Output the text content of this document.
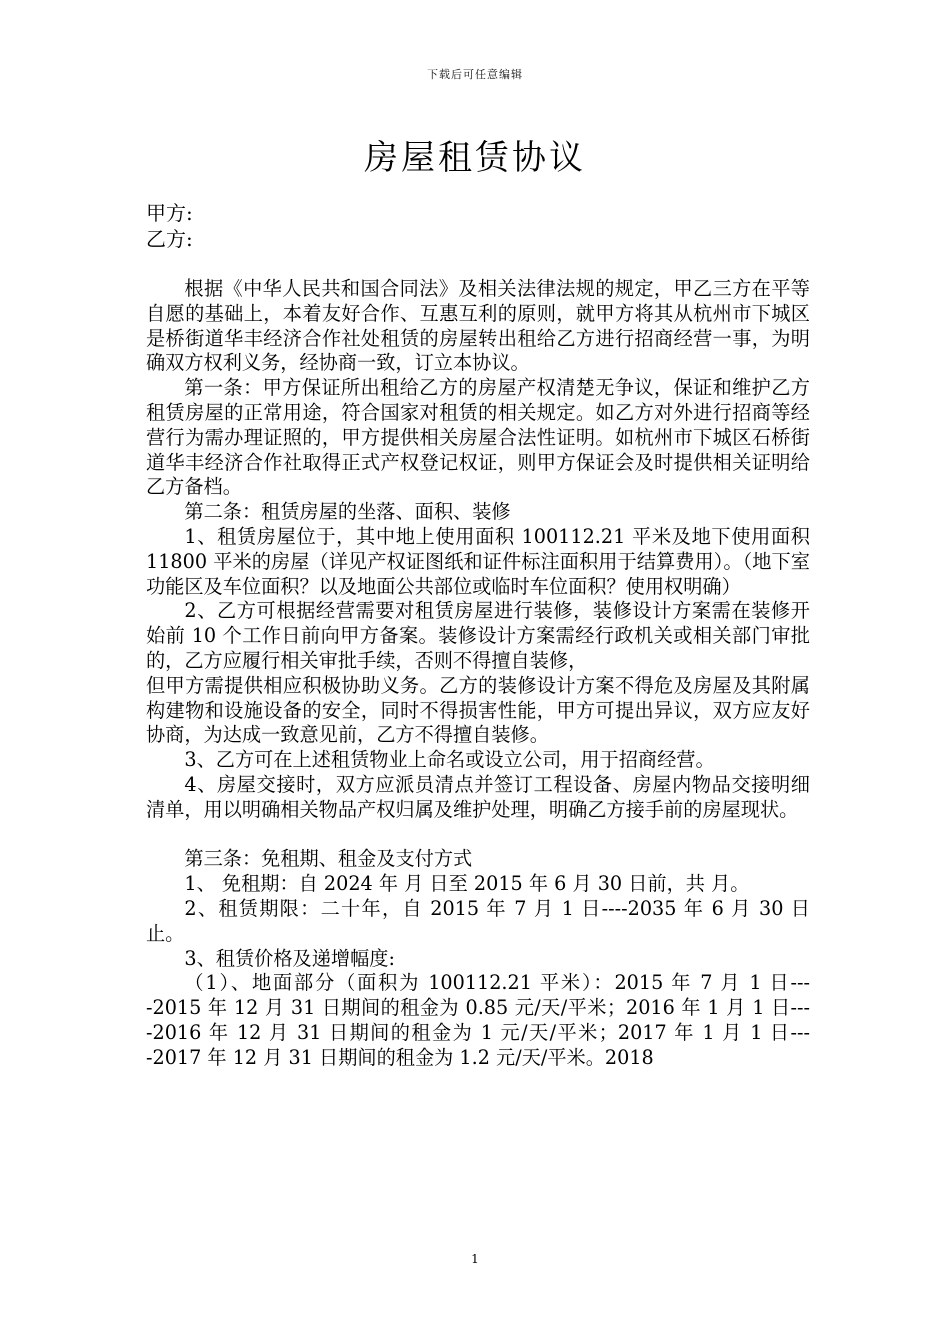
下载后可任意编辑
房屋租赁协议
甲方:
乙方:

根据《中华人民共和国合同法》及相关法律法规的规定，甲乙三方在平等自愿的基础上，本着友好合作、互惠互利的原则，就甲方将其从杭州市下城区是桥街道华丰经济合作社处租赁的房屋转出租给乙方进行招商经营一事，为明确双方权利义务，经协商一致，订立本协议。

第一条：甲方保证所出租给乙方的房屋产权清楚无争议，保证和维护乙方租赁房屋的正常用途，符合国家对租赁的相关规定。如乙方对外进行招商等经营行为需办理证照的，甲方提供相关房屋合法性证明。如杭州市下城区石桥街道华丰经济合作社取得正式产权登记权证，则甲方保证会及时提供相关证明给乙方备档。

第二条：租赁房屋的坐落、面积、装修

1、租赁房屋位于，其中地上使用面积 100112.21 平米及地下使用面积 11800 平米的房屋（详见产权证图纸和证件标注面积用于结算费用）。（地下室功能区及车位面积？以及地面公共部位或临时车位面积？使用权明确）

2、乙方可根据经营需要对租赁房屋进行装修，装修设计方案需在装修开始前 10 个工作日前向甲方备案。装修设计方案需经行政机关或相关部门审批的，乙方应履行相关审批手续，否则不得擅自装修，

但甲方需提供相应积极协助义务。乙方的装修设计方案不得危及房屋及其附属构建物和设施设备的安全，同时不得损害性能，甲方可提出异议，双方应友好协商，为达成一致意见前，乙方不得擅自装修。

3、乙方可在上述租赁物业上命名或设立公司，用于招商经营。

4、房屋交接时，双方应派员清点并签订工程设备、房屋内物品交接明细清单，用以明确相关物品产权归属及维护处理，明确乙方接手前的房屋现状。

第三条：免租期、租金及支付方式

1、 免租期：自 2024 年 月 日至 2015 年 6 月 30 日前，共 月。

2、租赁期限：二十年，自 2015 年 7 月 1 日----2035 年 6 月 30 日止。

3、租赁价格及递增幅度:

（1）、地面部分（面积为 100112.21 平米）：2015 年 7 月 1 日----2015 年 12 月 31 日期间的租金为 0.85 元/天/平米；2016 年 1 月 1 日----2016 年 12 月 31 日期间的租金为 1 元/天/平米；2017 年 1 月 1 日----2017 年 12 月 31 日期间的租金为 1.2 元/天/平米。2018

1
